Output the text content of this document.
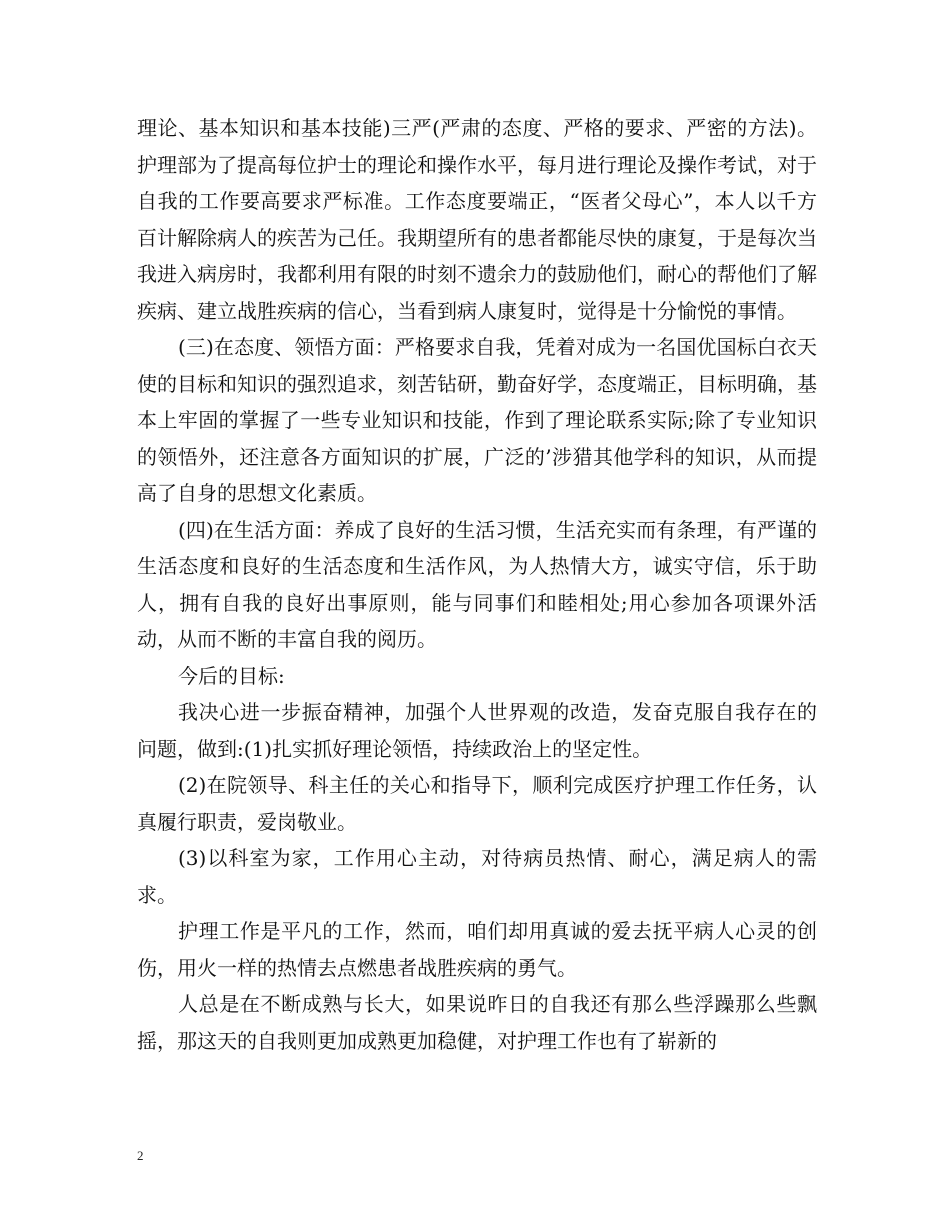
理论、基本知识和基本技能)三严(严肃的态度、严格的要求、严密的方法)。护理部为了提高每位护士的理论和操作水平，每月进行理论及操作考试，对于自我的工作要高要求严标准。工作态度要端正，“医者父母心”，本人以千方百计解除病人的疾苦为己任。我期望所有的患者都能尽快的康复，于是每次当我进入病房时，我都利用有限的时刻不遗余力的鼓励他们，耐心的帮他们了解疾病、建立战胜疾病的信心，当看到病人康复时，觉得是十分愉悦的事情。

(三)在态度、领悟方面：严格要求自我，凭着对成为一名国优国标白衣天使的目标和知识的强烈追求，刻苦钻研，勤奋好学，态度端正，目标明确，基本上牢固的掌握了一些专业知识和技能，作到了理论联系实际;除了专业知识的领悟外，还注意各方面知识的扩展，广泛的’涉猎其他学科的知识，从而提高了自身的思想文化素质。

(四)在生活方面：养成了良好的生活习惯，生活充实而有条理，有严谨的生活态度和良好的生活态度和生活作风，为人热情大方，诚实守信，乐于助人，拥有自我的良好出事原则，能与同事们和睦相处;用心参加各项课外活动，从而不断的丰富自我的阅历。

今后的目标:

我决心进一步振奋精神，加强个人世界观的改造，发奋克服自我存在的问题，做到:(1)扎实抓好理论领悟，持续政治上的坚定性。

(2)在院领导、科主任的关心和指导下，顺利完成医疗护理工作任务，认真履行职责，爱岗敬业。

(3)以科室为家，工作用心主动，对待病员热情、耐心，满足病人的需求。

护理工作是平凡的工作，然而，咱们却用真诚的爱去抚平病人心灵的创伤，用火一样的热情去点燃患者战胜疾病的勇气。

人总是在不断成熟与长大，如果说昨日的自我还有那么些浮躁那么些飘摇，那这天的自我则更加成熟更加稳健，对护理工作也有了崭新的

2
